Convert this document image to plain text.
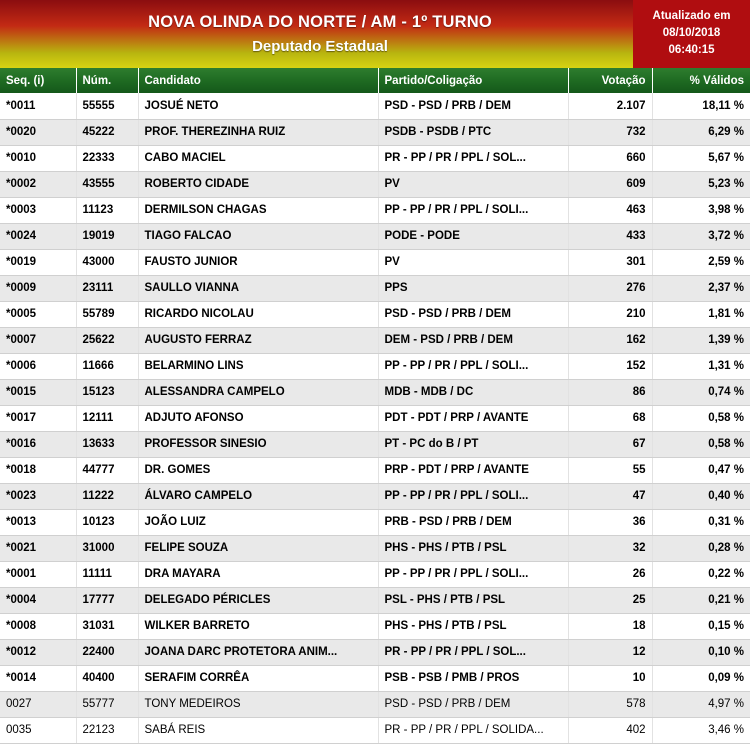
NOVA OLINDA DO NORTE / AM - 1º TURNO
Deputado Estadual
Atualizado em
08/10/2018
06:40:15
Seq. (i)	Núm.	Candidato	Partido/Coligação	Votação	% Válidos
*0011	55555	JOSUÉ NETO	PSD - PSD / PRB / DEM	2.107	18,11 %
*0020	45222	PROF. THEREZINHA RUIZ	PSDB - PSDB / PTC	732	6,29 %
*0010	22333	CABO MACIEL	PR - PP / PR / PPL / SOL...	660	5,67 %
*0002	43555	ROBERTO CIDADE	PV	609	5,23 %
*0003	11123	DERMILSON CHAGAS	PP - PP / PR / PPL / SOLI...	463	3,98 %
*0024	19019	TIAGO FALCAO	PODE - PODE	433	3,72 %
*0019	43000	FAUSTO JUNIOR	PV	301	2,59 %
*0009	23111	SAULLO VIANNA	PPS	276	2,37 %
*0005	55789	RICARDO NICOLAU	PSD - PSD / PRB / DEM	210	1,81 %
*0007	25622	AUGUSTO FERRAZ	DEM - PSD / PRB / DEM	162	1,39 %
*0006	11666	BELARMINO LINS	PP - PP / PR / PPL / SOLI...	152	1,31 %
*0015	15123	ALESSANDRA CAMPELO	MDB - MDB / DC	86	0,74 %
*0017	12111	ADJUTO AFONSO	PDT - PDT / PRP / AVANTE	68	0,58 %
*0016	13633	PROFESSOR SINESIO	PT - PC do B / PT	67	0,58 %
*0018	44777	DR. GOMES	PRP - PDT / PRP / AVANTE	55	0,47 %
*0023	11222	ÁLVARO CAMPELO	PP - PP / PR / PPL / SOLI...	47	0,40 %
*0013	10123	JOÃO LUIZ	PRB - PSD / PRB / DEM	36	0,31 %
*0021	31000	FELIPE SOUZA	PHS - PHS / PTB / PSL	32	0,28 %
*0001	11111	DRA MAYARA	PP - PP / PR / PPL / SOLI...	26	0,22 %
*0004	17777	DELEGADO PÉRICLES	PSL - PHS / PTB / PSL	25	0,21 %
*0008	31031	WILKER BARRETO	PHS - PHS / PTB / PSL	18	0,15 %
*0012	22400	JOANA DARC PROTETORA ANIM...	PR - PP / PR / PPL / SOL...	12	0,10 %
*0014	40400	SERAFIM CORRÊA	PSB - PSB / PMB / PROS	10	0,09 %
0027	55777	TONY MEDEIROS	PSD - PSD / PRB / DEM	578	4,97 %
0035	22123	SABÁ REIS	PR - PP / PR / PPL / SOLIDA...	402	3,46 %
